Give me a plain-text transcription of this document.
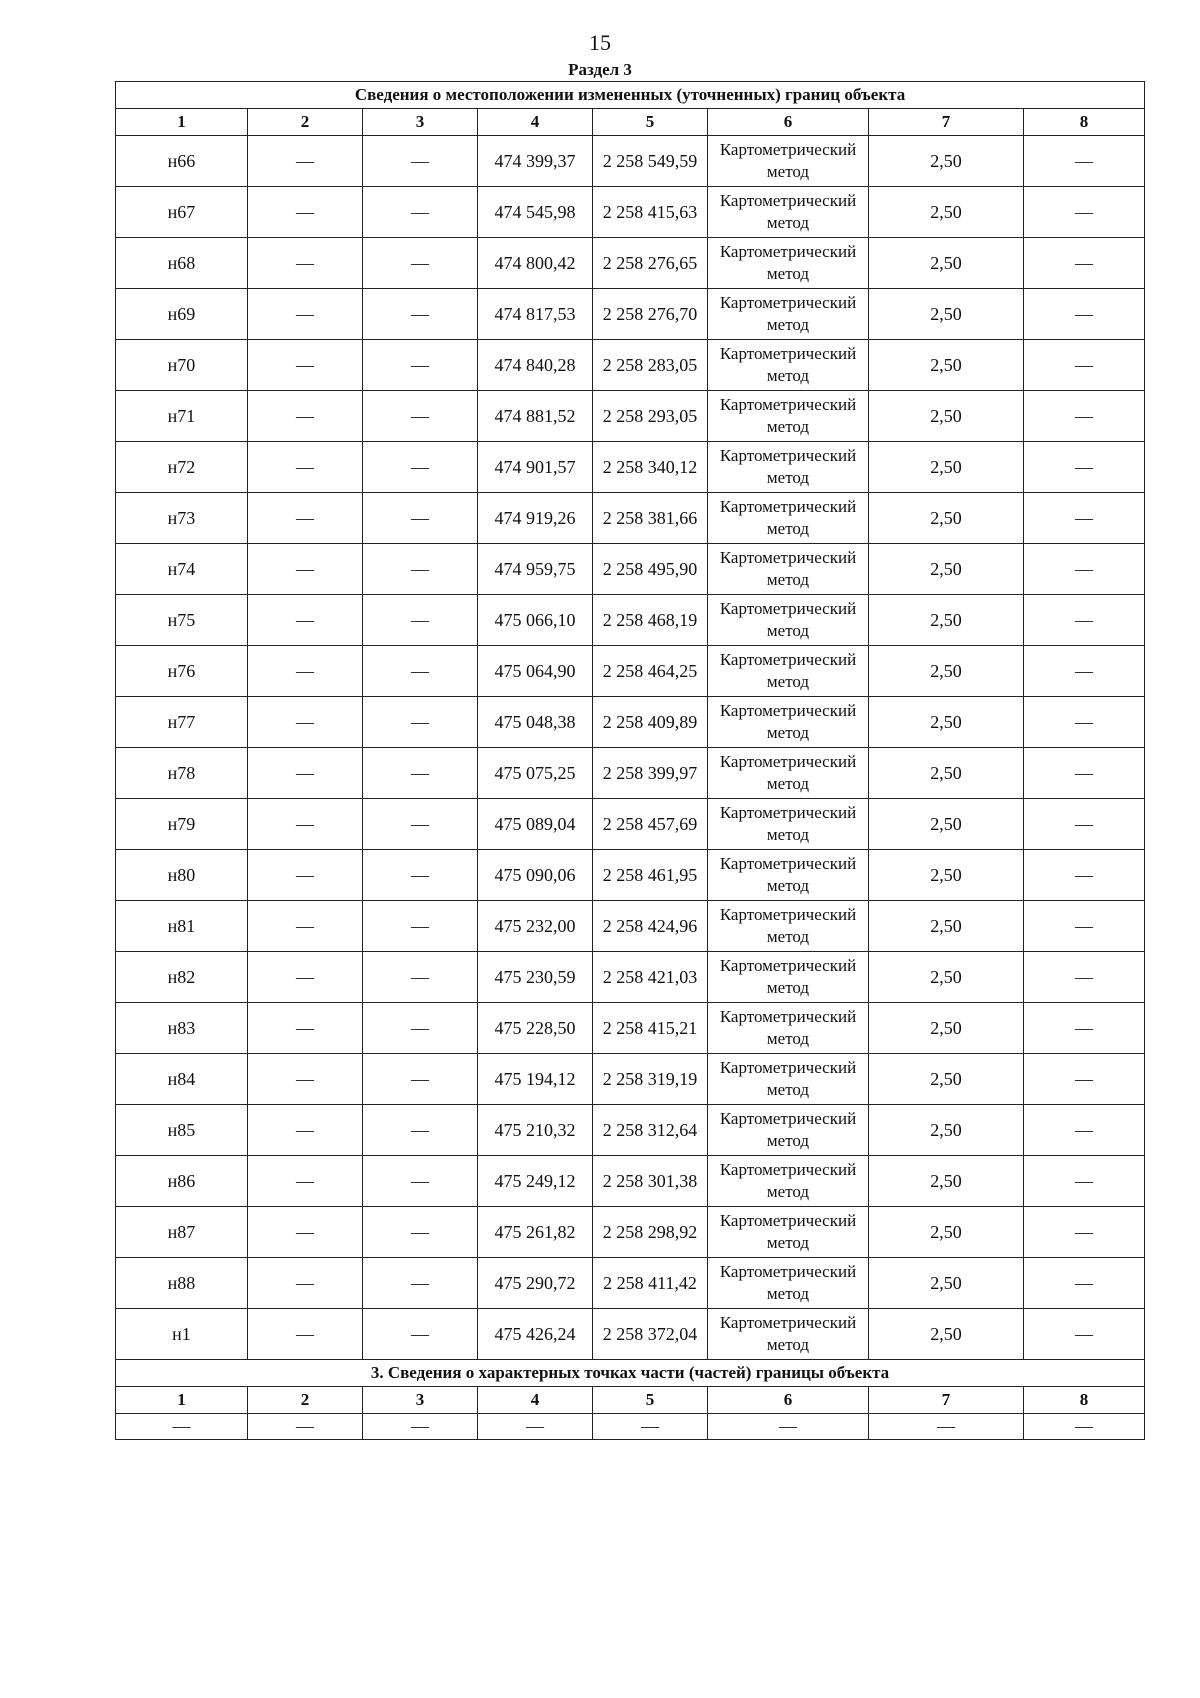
15
Раздел 3
Сведения о местоположении измененных (уточненных) границ объекта							
1	2	3	4	5	6	7	8
н66	—	—	474 399,37	2 258 549,59	Картометрический метод	2,50	—
н67	—	—	474 545,98	2 258 415,63	Картометрический метод	2,50	—
н68	—	—	474 800,42	2 258 276,65	Картометрический метод	2,50	—
н69	—	—	474 817,53	2 258 276,70	Картометрический метод	2,50	—
н70	—	—	474 840,28	2 258 283,05	Картометрический метод	2,50	—
н71	—	—	474 881,52	2 258 293,05	Картометрический метод	2,50	—
н72	—	—	474 901,57	2 258 340,12	Картометрический метод	2,50	—
н73	—	—	474 919,26	2 258 381,66	Картометрический метод	2,50	—
н74	—	—	474 959,75	2 258 495,90	Картометрический метод	2,50	—
н75	—	—	475 066,10	2 258 468,19	Картометрический метод	2,50	—
н76	—	—	475 064,90	2 258 464,25	Картометрический метод	2,50	—
н77	—	—	475 048,38	2 258 409,89	Картометрический метод	2,50	—
н78	—	—	475 075,25	2 258 399,97	Картометрический метод	2,50	—
н79	—	—	475 089,04	2 258 457,69	Картометрический метод	2,50	—
н80	—	—	475 090,06	2 258 461,95	Картометрический метод	2,50	—
н81	—	—	475 232,00	2 258 424,96	Картометрический метод	2,50	—
н82	—	—	475 230,59	2 258 421,03	Картометрический метод	2,50	—
н83	—	—	475 228,50	2 258 415,21	Картометрический метод	2,50	—
н84	—	—	475 194,12	2 258 319,19	Картометрический метод	2,50	—
н85	—	—	475 210,32	2 258 312,64	Картометрический метод	2,50	—
н86	—	—	475 249,12	2 258 301,38	Картометрический метод	2,50	—
н87	—	—	475 261,82	2 258 298,92	Картометрический метод	2,50	—
н88	—	—	475 290,72	2 258 411,42	Картометрический метод	2,50	—
н1	—	—	475 426,24	2 258 372,04	Картометрический метод	2,50	—
3. Сведения о характерных точках части (частей) границы объекта							
1	2	3	4	5	6	7	8
—	—	—	—	—	—	—	—
